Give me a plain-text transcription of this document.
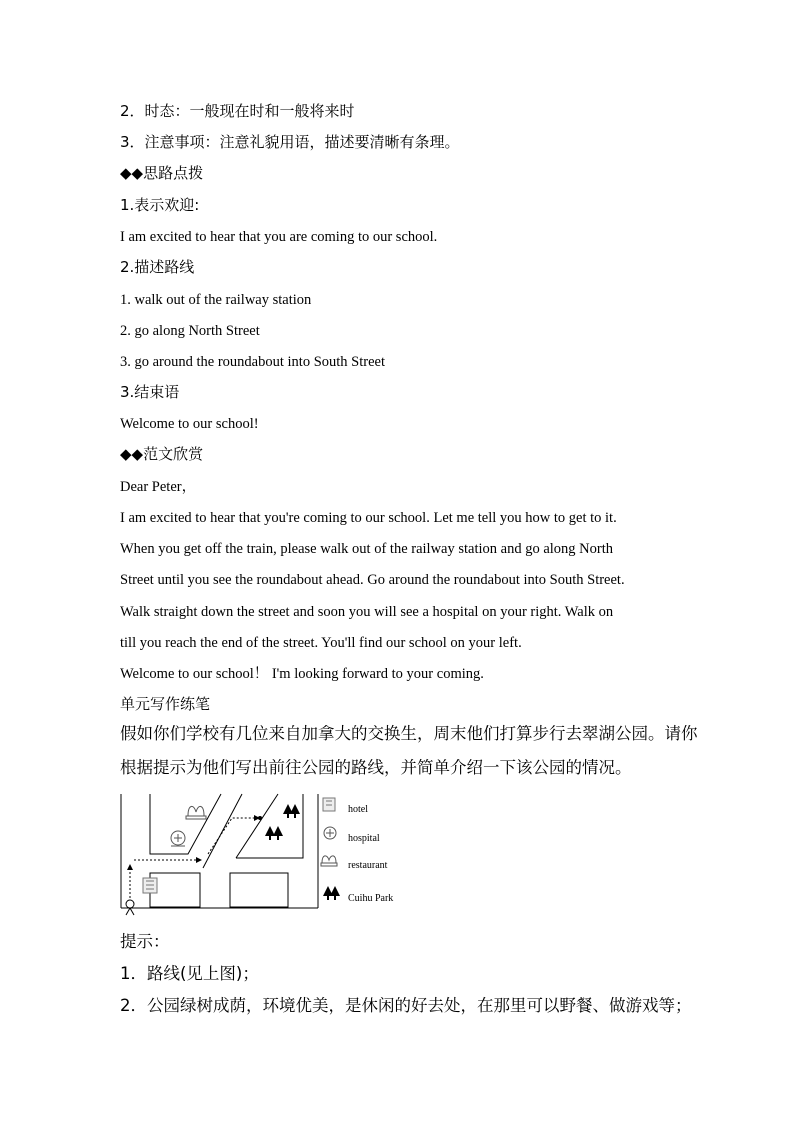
2．时态：一般现在时和一般将来时
3．注意事项：注意礼貌用语，描述要清晰有条理。
◆◆思路点拨
1.表示欢迎:
I am excited to hear that you are coming to our school.
2.描述路线
1. walk out of the railway station
2. go along North Street
3. go around the roundabout into South Street
3.结束语
Welcome to our school!
◆◆范文欣赏
Dear Peter，
I am excited to hear that you're coming to our school. Let me tell you how to get to it.
When you get off the train, please walk out of the railway station and go along North
Street until you see the roundabout ahead. Go around the roundabout into South Street.
Walk straight down the street and soon you will see a hospital on your right. Walk on
till you reach the end of the street. You'll find our school on your left.
Welcome to our school！ I'm looking forward to your coming.
单元写作练笔
假如你们学校有几位来自加拿大的交换生，周末他们打算步行去翠湖公园。请你
根据提示为他们写出前往公园的路线，并简单介绍一下该公园的情况。
hotel
hospital
restaurant
Cuihu Park
提示：
1．路线(见上图)；
2．公园绿树成荫，环境优美，是休闲的好去处，在那里可以野餐、做游戏等；
